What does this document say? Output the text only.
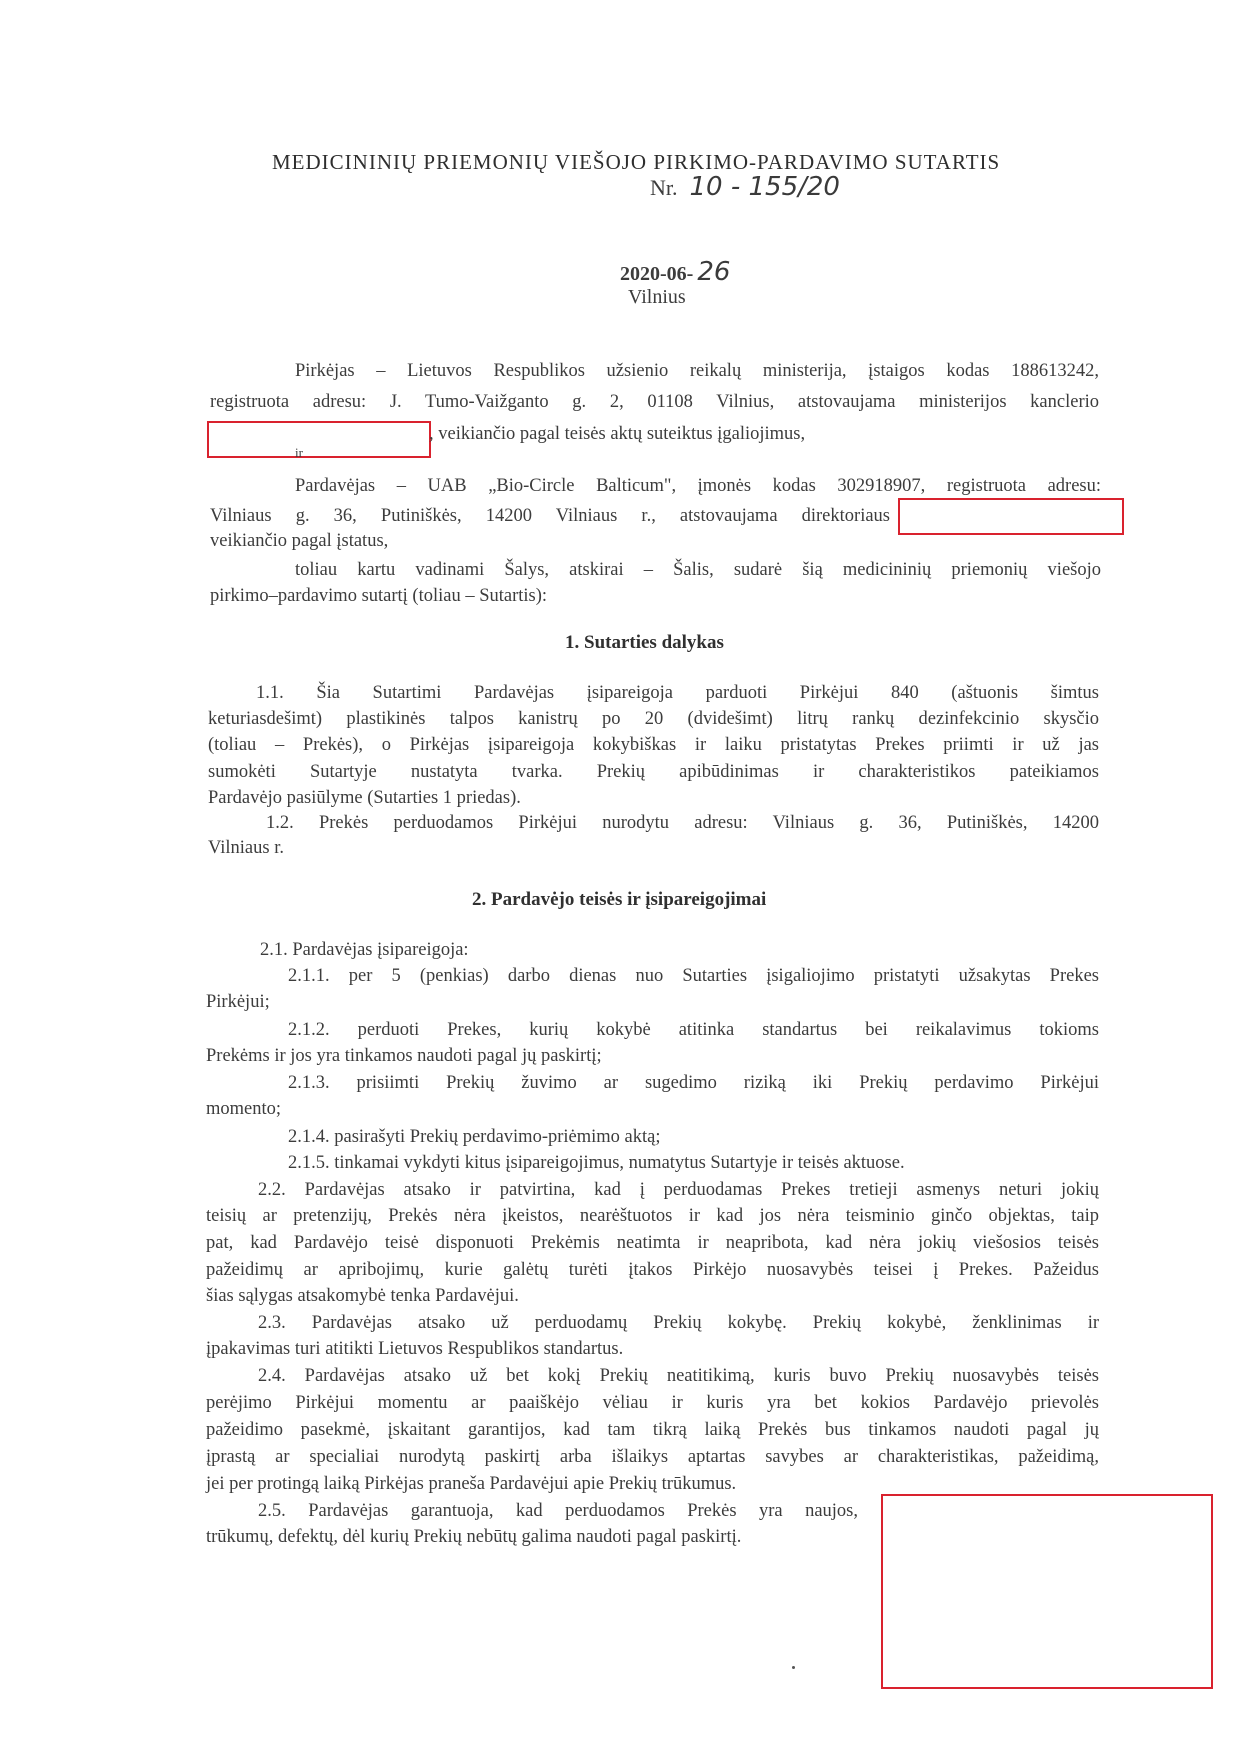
MEDICININIŲ PRIEMONIŲ VIEŠOJO PIRKIMO-PARDAVIMO SUTARTIS
Nr. 10 - 155/20
2020-06- 26
Vilnius
Pirkėjas – Lietuvos Respublikos užsienio reikalų ministerija, įstaigos kodas 188613242,
registruota adresu: J. Tumo-Vaižganto g. 2, 01108 Vilnius, atstovaujama ministerijos kanclerio
, veikiančio pagal teisės aktų suteiktus įgaliojimus,
ir
Pardavėjas – UAB „Bio-Circle Balticum", įmonės kodas 302918907, registruota adresu:
Vilniaus g. 36, Putiniškės, 14200 Vilniaus r., atstovaujama direktoriaus
veikiančio pagal įstatus,
toliau kartu vadinami Šalys, atskirai – Šalis, sudarė šią medicininių priemonių viešojo
pirkimo–pardavimo sutartį (toliau – Sutartis):
1. Sutarties dalykas
1.1. Šia Sutartimi Pardavėjas įsipareigoja parduoti Pirkėjui 840 (aštuonis šimtus
keturiasdešimt) plastikinės talpos kanistrų po 20 (dvidešimt) litrų rankų dezinfekcinio skysčio
(toliau – Prekės), o Pirkėjas įsipareigoja kokybiškas ir laiku pristatytas Prekes priimti ir už jas
sumokėti Sutartyje nustatyta tvarka. Prekių apibūdinimas ir charakteristikos pateikiamos
Pardavėjo pasiūlyme (Sutarties 1 priedas).
1.2. Prekės perduodamos Pirkėjui nurodytu adresu: Vilniaus g. 36, Putiniškės, 14200
Vilniaus r.
2. Pardavėjo teisės ir įsipareigojimai
2.1. Pardavėjas įsipareigoja:
2.1.1. per 5 (penkias) darbo dienas nuo Sutarties įsigaliojimo pristatyti užsakytas Prekes
Pirkėjui;
2.1.2. perduoti Prekes, kurių kokybė atitinka standartus bei reikalavimus tokioms
Prekėms ir jos yra tinkamos naudoti pagal jų paskirtį;
2.1.3. prisiimti Prekių žuvimo ar sugedimo riziką iki Prekių perdavimo Pirkėjui
momento;
2.1.4. pasirašyti Prekių perdavimo-priėmimo aktą;
2.1.5. tinkamai vykdyti kitus įsipareigojimus, numatytus Sutartyje ir teisės aktuose.
2.2. Pardavėjas atsako ir patvirtina, kad į perduodamas Prekes tretieji asmenys neturi jokių
teisių ar pretenzijų, Prekės nėra įkeistos, nearėštuotos ir kad jos nėra teisminio ginčo objektas, taip
pat, kad Pardavėjo teisė disponuoti Prekėmis neatimta ir neapribota, kad nėra jokių viešosios teisės
pažeidimų ar apribojimų, kurie galėtų turėti įtakos Pirkėjo nuosavybės teisei į Prekes. Pažeidus
šias sąlygas atsakomybė tenka Pardavėjui.
2.3. Pardavėjas atsako už perduodamų Prekių kokybę. Prekių kokybė, ženklinimas ir
įpakavimas turi atitikti Lietuvos Respublikos standartus.
2.4. Pardavėjas atsako už bet kokį Prekių neatitikimą, kuris buvo Prekių nuosavybės teisės
perėjimo Pirkėjui momentu ar paaiškėjo vėliau ir kuris yra bet kokios Pardavėjo prievolės
pažeidimo pasekmė, įskaitant garantijos, kad tam tikrą laiką Prekės bus tinkamos naudoti pagal jų
įprastą ar specialiai nurodytą paskirtį arba išlaikys aptartas savybes ar charakteristikas, pažeidimą,
jei per protingą laiką Pirkėjas praneša Pardavėjui apie Prekių trūkumus.
2.5. Pardavėjas garantuoja, kad perduodamos Prekės yra naujos,
trūkumų, defektų, dėl kurių Prekių nebūtų galima naudoti pagal paskirtį.
